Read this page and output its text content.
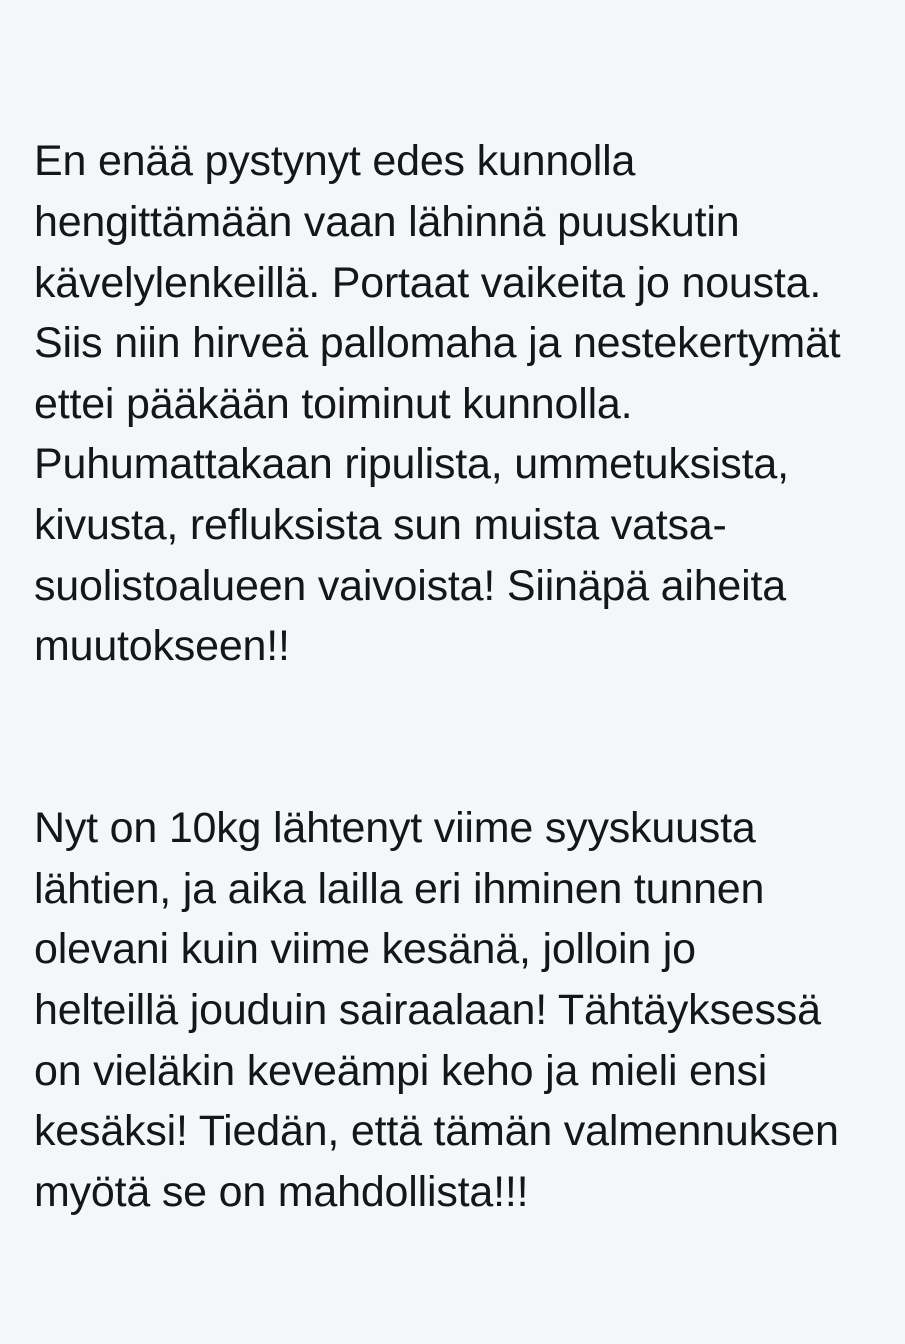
En enää pystynyt edes kunnolla hengittämään vaan lähinnä puuskutin kävelylenkeillä. Portaat vaikeita jo nousta. Siis niin hirveä pallomaha ja nestekertymät ettei pääkään toiminut kunnolla. Puhumattakaan ripulista, ummetuksista, kivusta, refluksista sun muista vatsa-suolistoalueen vaivoista! Siinäpä aiheita muutokseen!!

Nyt on 10kg lähtenyt viime syyskuusta lähtien, ja aika lailla eri ihminen tunnen olevani kuin viime kesänä, jolloin jo helteillä jouduin sairaalaan! Tähtäyksessä on vieläkin keveämpi keho ja mieli ensi kesäksi! Tiedän, että tämän valmennuksen myötä se on mahdollista!!!
